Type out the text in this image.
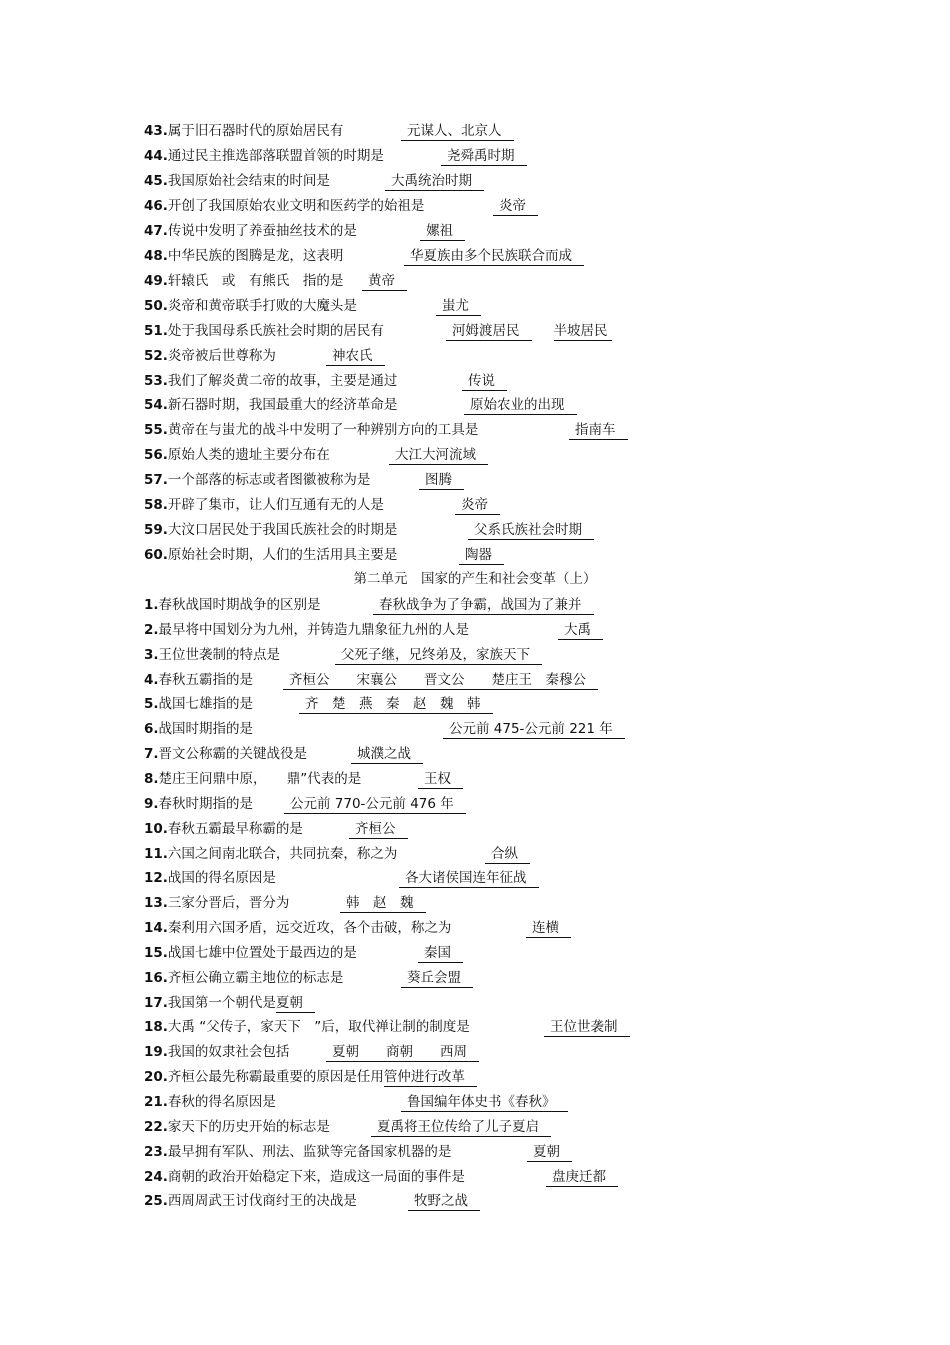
43.属于旧石器时代的原始居民有	元谋人、北京人
44.通过民主推选部落联盟首领的时期是	尧舜禹时期
45.我国原始社会结束的时间是	大禹统治时期
46.开创了我国原始农业文明和医药学的始祖是	炎帝
47.传说中发明了养蚕抽丝技术的是	嫘祖
48.中华民族的图腾是龙，这表明	华夏族由多个民族联合而成
49.轩辕氏　或　有熊氏　指的是 黄帝
50.炎帝和黄帝联手打败的大魔头是	蚩尤
51.处于我国母系氏族社会时期的居民有	河姆渡居民	半坡居民
52.炎帝被后世尊称为	神农氏
53.我们了解炎黄二帝的故事，主要是通过	传说
54.新石器时期，我国最重大的经济革命是	原始农业的出现
55.黄帝在与蚩尤的战斗中发明了一种辨别方向的工具是	指南车
56.原始人类的遗址主要分布在	大江大河流域
57.一个部落的标志或者图徽被称为是	图腾
58.开辟了集市，让人们互通有无的人是	炎帝
59.大汶口居民处于我国氏族社会的时期是	父系氏族社会时期
60.原始社会时期，人们的生活用具主要是	陶器
第二单元　国家的产生和社会变革（上）
1.春秋战国时期战争的区别是	春秋战争为了争霸，战国为了兼并
2.最早将中国划分为九州，并铸造九鼎象征九州的人是	大禹
3.王位世袭制的特点是	父死子继，兄终弟及，家族天下
4.春秋五霸指的是	齐桓公　　宋襄公　　晋文公　　楚庄王　秦穆公
5.战国七雄指的是	齐　楚　燕　秦　赵　魏　韩
6.战国时期指的是	公元前 475-公元前 221 年
7.晋文公称霸的关键战役是	城濮之战
8.楚庄王问鼎中原，　　鼎”代表的是	王权
9.春秋时期指的是	公元前 770-公元前 476 年
10.春秋五霸最早称霸的是	齐桓公
11.六国之间南北联合，共同抗秦，称之为	合纵
12.战国的得名原因是	各大诸侯国连年征战
13.三家分晋后，晋分为	韩　赵　魏
14.秦利用六国矛盾，远交近攻，各个击破，称之为	连横
15.战国七雄中位置处于最西边的是	秦国
16.齐桓公确立霸主地位的标志是	葵丘会盟
17.我国第一个朝代是夏朝
18.大禹 “父传子，家天下　”后，取代禅让制的制度是	王位世袭制
19.我国的奴隶社会包括	夏朝　　商朝　　西周
20.齐桓公最先称霸最重要的原因是任用管仲进行改革
21.春秋的得名原因是	鲁国编年体史书《春秋》
22.家天下的历史开始的标志是	夏禹将王位传给了儿子夏启
23.最早拥有军队、刑法、监狱等完备国家机器的是	夏朝
24.商朝的政治开始稳定下来，造成这一局面的事件是	盘庚迁都
25.西周周武王讨伐商纣王的决战是	牧野之战
